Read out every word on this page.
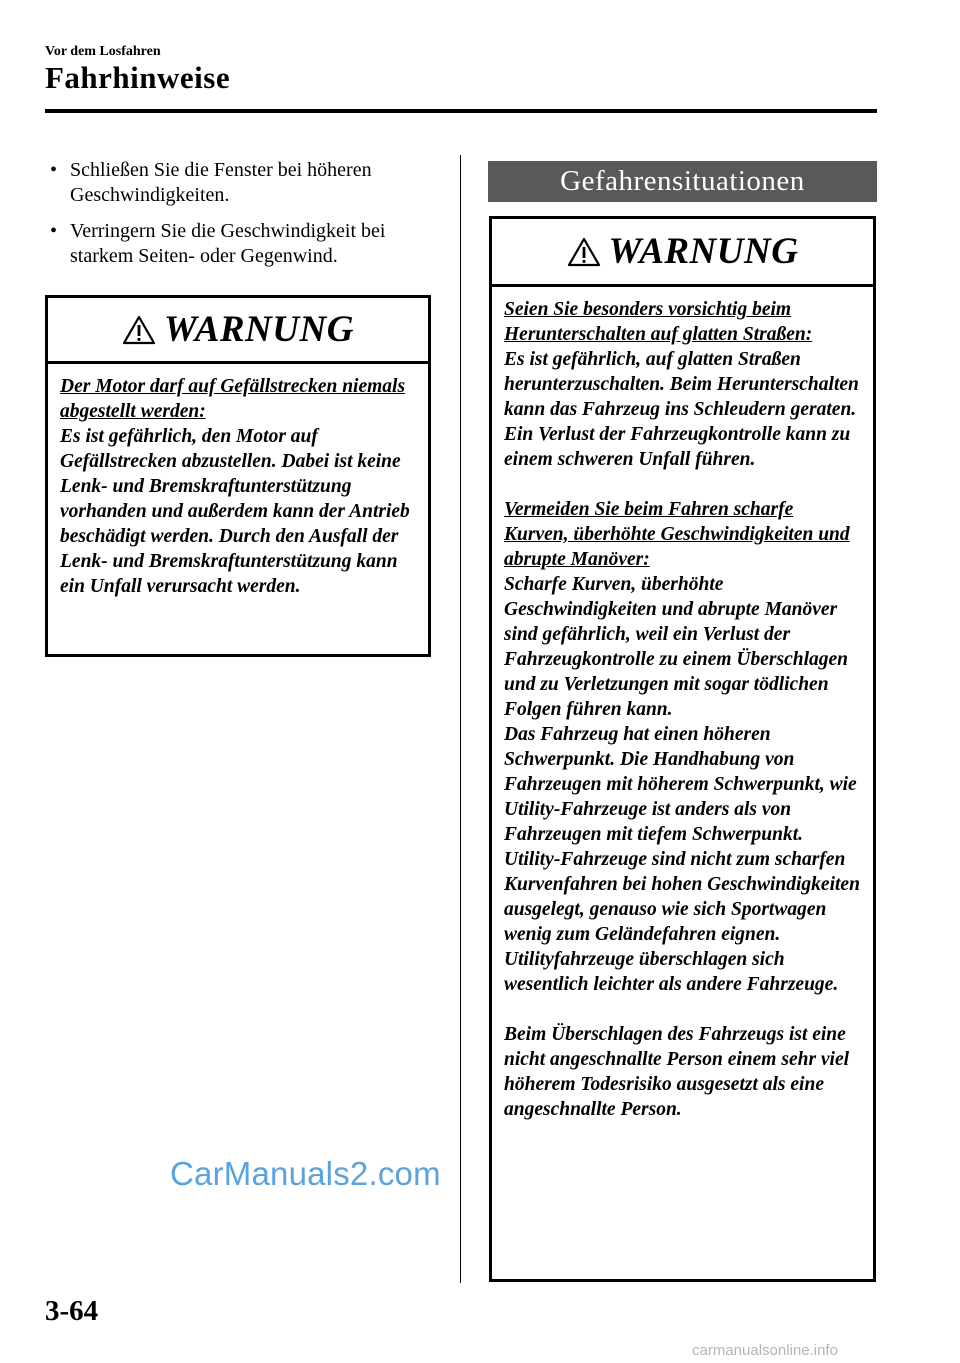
Vor dem Losfahren
Fahrhinweise
• Schließen Sie die Fenster bei höheren Geschwindigkeiten.
• Verringern Sie die Geschwindigkeit bei starkem Seiten- oder Gegenwind.
WARNUNG

Der Motor darf auf Gefällstrecken niemals abgestellt werden:

Es ist gefährlich, den Motor auf Gefällstrecken abzustellen. Dabei ist keine Lenk- und Bremskraftunterstützung vorhanden und außerdem kann der Antrieb beschädigt werden. Durch den Ausfall der Lenk- und Bremskraftunterstützung kann ein Unfall verursacht werden.

Gefahrensituationen
WARNUNG

Seien Sie besonders vorsichtig beim Herunterschalten auf glatten Straßen:

Es ist gefährlich, auf glatten Straßen herunterzuschalten. Beim Herunterschalten kann das Fahrzeug ins Schleudern geraten. Ein Verlust der Fahrzeugkontrolle kann zu einem schweren Unfall führen.

Vermeiden Sie beim Fahren scharfe Kurven, überhöhte Geschwindigkeiten und abrupte Manöver:

Scharfe Kurven, überhöhte Geschwindigkeiten und abrupte Manöver sind gefährlich, weil ein Verlust der Fahrzeugkontrolle zu einem Überschlagen und zu Verletzungen mit sogar tödlichen Folgen führen kann.

Das Fahrzeug hat einen höheren Schwerpunkt. Die Handhabung von Fahrzeugen mit höherem Schwerpunkt, wie Utility-Fahrzeuge ist anders als von Fahrzeugen mit tiefem Schwerpunkt.

Utility-Fahrzeuge sind nicht zum scharfen Kurvenfahren bei hohen Geschwindigkeiten ausgelegt, genauso wie sich Sportwagen wenig zum Geländefahren eignen.

Utilityfahrzeuge überschlagen sich wesentlich leichter als andere Fahrzeuge.

Beim Überschlagen des Fahrzeugs ist eine nicht angeschnallte Person einem sehr viel höherem Todesrisiko ausgesetzt als eine angeschnallte Person.

CarManuals2.com
3-64
carmanualsonline.info
